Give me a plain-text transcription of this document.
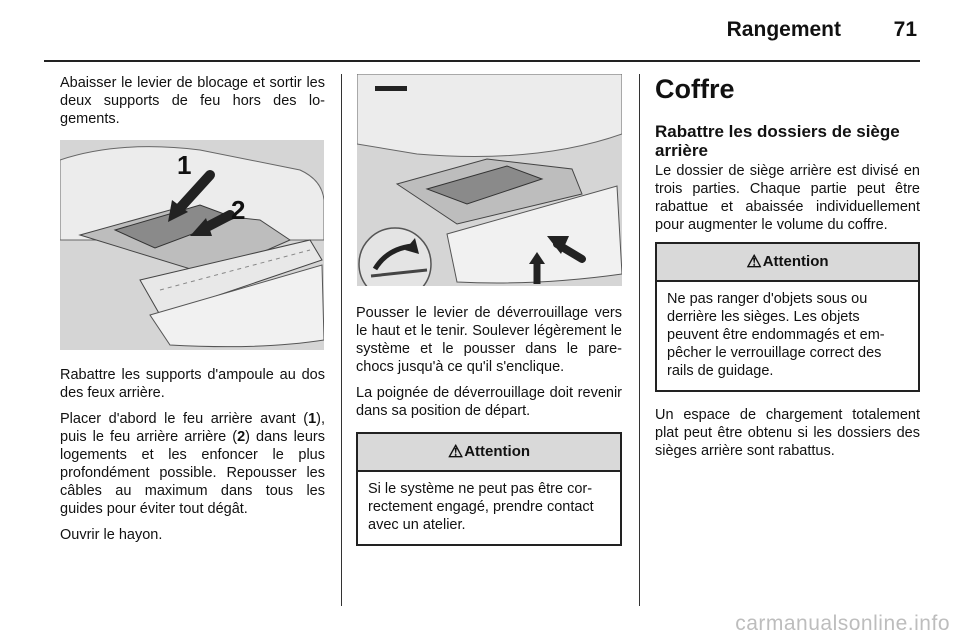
Rangement	71

Abaisser le levier de blocage et sortir les deux supports de feu hors des logements.

1
2

Rabattre les supports d'ampoule au dos des feux arrière.

Placer d'abord le feu arrière avant (1), puis le feu arrière arrière (2) dans leurs logements et les enfoncer le plus profondément possible. Repousser les câbles au maximum dans tous les guides pour éviter tout dégât.

Ouvrir le hayon.

Pousser le levier de déverrouillage vers le haut et le tenir. Soulever légèrement le système et le pousser dans le pare-chocs jusqu'à ce qu'il s'enclique.

La poignée de déverrouillage doit revenir dans sa position de départ.

⚠ Attention
Si le système ne peut pas être correctement engagé, prendre contact avec un atelier.
Coffre
Rabattre les dossiers de siège arrière

Le dossier de siège arrière est divisé en trois parties. Chaque partie peut être rabattue et abaissée individuellement pour augmenter le volume du coffre.

⚠ Attention
Ne pas ranger d'objets sous ou derrière les sièges. Les objets peuvent être endommagés et empêcher le verrouillage correct des rails de guidage.

Un espace de chargement totalement plat peut être obtenu si les dossiers des sièges arrière sont rabattus.

carmanualsonline.info
